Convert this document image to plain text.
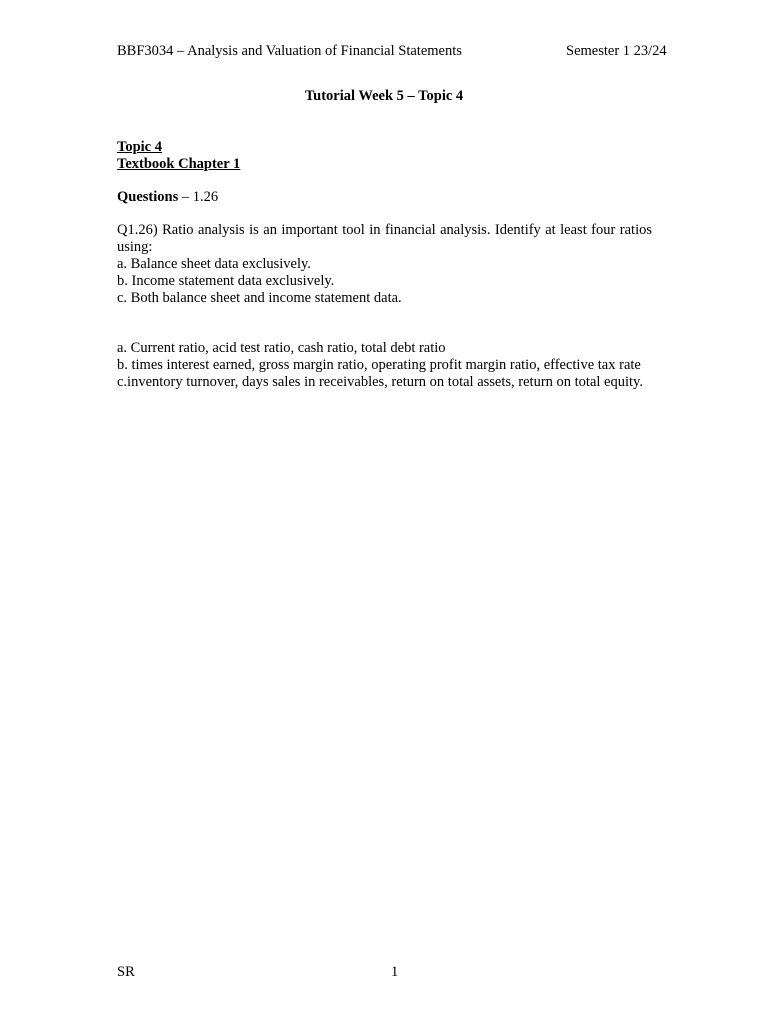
BBF3034 – Analysis and Valuation of Financial Statements	Semester 1 23/24
Tutorial Week 5 – Topic 4
Topic 4
Textbook Chapter 1
Questions – 1.26
Q1.26) Ratio analysis is an important tool in financial analysis. Identify at least four ratios using:
a. Balance sheet data exclusively.
b. Income statement data exclusively.
c. Both balance sheet and income statement data.
a. Current ratio, acid test ratio, cash ratio, total debt ratio
b. times interest earned, gross margin ratio, operating profit margin ratio, effective tax rate
c.inventory turnover, days sales in receivables, return on total assets, return on total equity.
SR	1
